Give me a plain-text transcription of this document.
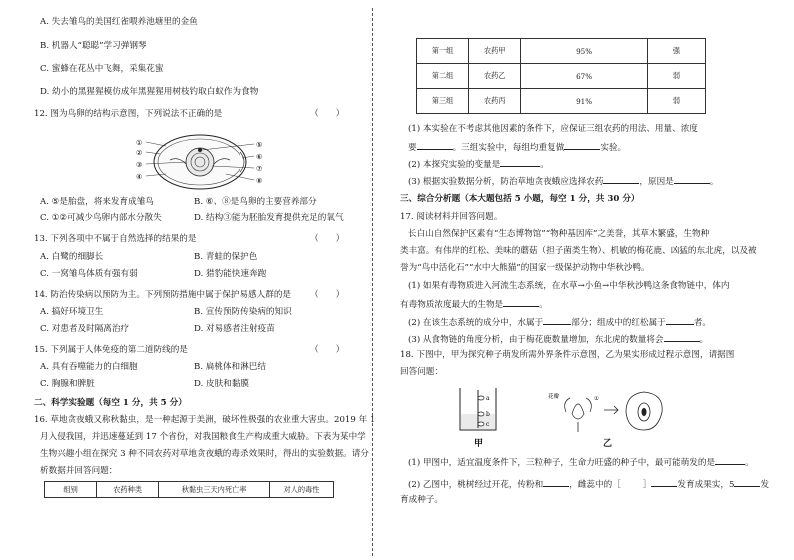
A. 失去雏鸟的美国红雀喂养池塘里的金鱼
B. 机器人“聪聪”学习弹钢琴
C. 蜜蜂在花丛中飞舞，采集花蜜
D. 幼小的黑猩猩模仿成年黑猩猩用树枝钓取白蚁作为食物
12. 图为鸟卵的结构示意图，下列说法不正确的是	（　　）
①
②
③
④
⑤
⑥
⑦
⑧
A. ⑤是胎盘，将来发育成雏鸟	B. ⑥、⑧是鸟卵的主要营养部分
C. ①②可减少鸟卵内部水分散失	D. 结构③能为胚胎发育提供充足的氧气
13. 下列各项中不属于自然选择的结果的是	（　　）
A. 白鹭的细脚长	B. 青蛙的保护色
C. 一窝雏鸟体质有强有弱	D. 猎豹能快速奔跑
14. 防治传染病以预防为主。下列预防措施中属于保护易感人群的是 （　　）
A. 搞好环境卫生	B. 宣传预防传染病的知识
C. 对患者及时隔离治疗	D. 对易感者注射疫苗
15. 下列属于人体免疫的第二道防线的是	（　　）
A. 具有吞噬能力的白细胞	B. 扁桃体和淋巴结
C. 胸腺和脾脏	D. 皮肤和黏膜
二、科学实验题（每空 1 分，共 5 分）
16. 草地贪夜蛾又称秋黏虫，是一种起源于美洲，破坏性极强的农业重大害虫。2019 年 1
月入侵我国，并迅速蔓延到 17 个省份，对我国粮食生产构成重大威胁。下表为某中学
生物兴趣小组在探究 3 种不同农药对草地贪夜蛾的毒杀效果时，得出的实验数据。请分
析数据并回答问题：
组别	农药种类	秋黏虫三天内死亡率	对人的毒性
第一组	农药甲	95%	强
第二组	农药乙	67%	弱
第三组	农药丙	91%	弱
(1) 本实验在不考虑其他因素的条件下，应保证三组农药的用法、用量、浓度
要	。三组实验中，每组均重复做	实验。
(2) 本探究实验的变量是	。
(3) 根据实验数据分析，防治草地贪夜蛾应选择农药	，原因是	。
三、综合分析题（本大题包括 5 小题，每空 1 分，共 30 分）
17. 阅读材料并回答问题。
长白山自然保护区素有“生态博物馆”“物种基因库”之美誉，其草木繁盛，生物种
类丰富。有伟岸的红松、美味的蘑菇（担子菌类生物）、机敏的梅花鹿、凶猛的东北虎，以及被
誉为“鸟中活化石”“水中大熊猫”的国家一级保护动物中华秋沙鸭。
(1) 如果有毒物质进入河流生态系统，在水草→小鱼→中华秋沙鸭这条食物链中，体内
有毒物质浓度最大的生物是	。
(2) 在该生态系统的成分中，水属于	部分；组成中的红松属于	者。
(3) 从食物链的角度分析，由于梅花鹿数量增加，东北虎的数量将会	。
18. 下图中，甲为探究种子萌发所需外界条件示意图，乙为果实形成过程示意图，请据图
回答问题：
a
b
c
花瓣	①
甲	乙
(1) 甲图中，适宜温度条件下，三粒种子，生命力旺盛的种子中，最可能萌发的是	。
(2) 乙图中，桃树经过开花，传粉和	，雌蕊中的［	］	发育成果实，5	发
育成种子。
